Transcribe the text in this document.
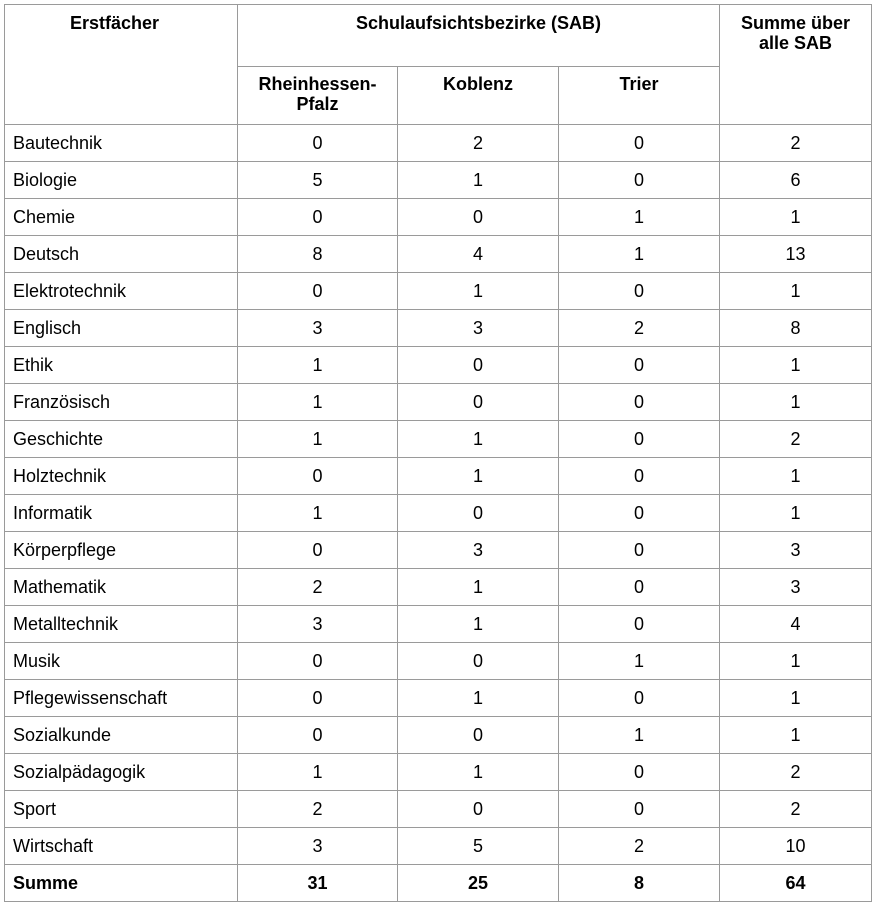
Erstfächer	Schulaufsichtsbezirke (SAB)			Summe über alle SAB
	Rheinhessen-Pfalz	Koblenz	Trier	
Bautechnik	0	2	0	2
Biologie	5	1	0	6
Chemie	0	0	1	1
Deutsch	8	4	1	13
Elektrotechnik	0	1	0	1
Englisch	3	3	2	8
Ethik	1	0	0	1
Französisch	1	0	0	1
Geschichte	1	1	0	2
Holztechnik	0	1	0	1
Informatik	1	0	0	1
Körperpflege	0	3	0	3
Mathematik	2	1	0	3
Metalltechnik	3	1	0	4
Musik	0	0	1	1
Pflegewissenschaft	0	1	0	1
Sozialkunde	0	0	1	1
Sozialpädagogik	1	1	0	2
Sport	2	0	0	2
Wirtschaft	3	5	2	10
Summe	31	25	8	64
